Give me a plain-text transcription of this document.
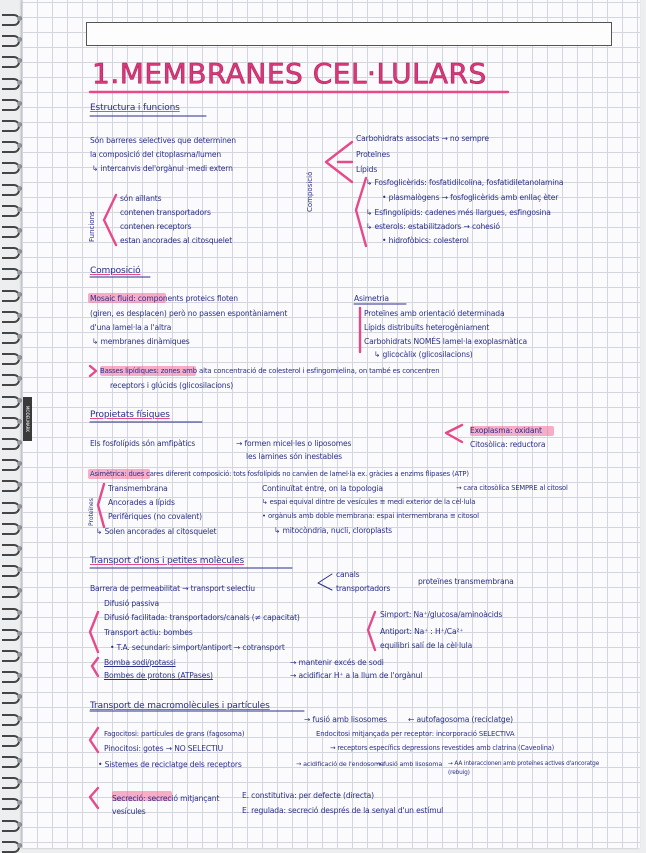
MODELMARK
1.MEMBRANES CEL·LULARS
Estructura i funcions
Són barreres selectives que determinen
la composició del citoplasma/lumen
↳ intercanvis del'orgànul -medi extern
Funcions
són aïllants
contenen transportadors
contenen receptors
estan ancorades al citosquelet
Composició
Carbohidrats associats → no sempre
Proteïnes
Lípids
↳ Fosfoglicèrids: fosfatidilcolina, fosfatidiletanolamina
• plasmalògens → fosfoglicèrids amb enllaç èter
↳ Esfingolípids: cadenes més llargues, esfingosina
↳ esterols: estabilitzadors → cohesió
• hidrofòbics: colesterol
Composició
Mosaic fluid: components proteics floten
(giren, es desplacen) però no passen espontàniament
d'una lamel·la a l'altra
↳ membranes dinàmiques
Asimetria
Proteïnes amb orientació determinada
Lípids distribuïts heterogèniament
Carbohidrats NOMÉS lamel·la exoplasmàtica
↳ glicocàlix (glicosilacions)
Basses lipídiques: zones amb alta concentració de colesterol i esfingomielina, on també es concentren
receptors i glúcids (glicosilacions)
Propietats físiques
Els fosfolípids són amfipàtics	→ formen micel·les o liposomes
les lamines són inestables
Exoplasma: oxidant
Citosòlica: reductora
Asimètrica: dues cares diferent composició: tots fosfolípids no canvien de lamel·la ex. gràcies a enzims flipases (ATP)
Proteïnes
Transmembrana
Ancorades a lípids
Perifèriques (no covalent)
↳ Solen ancorades al citosquelet
Continuïtat entre, on la topologia
↳ espai equival dintre de vesícules ≡ medi exterior de la cèl·lula
• orgànuls amb doble membrana: espai intermembrana ≡ citosol
↳ mitocòndria, nucli, cloroplasts
→ cara citosòlica SEMPRE al citosol
Transport d'ions i petites molècules
Barrera de permeabilitat → transport selectiu
canals
transportadors
proteïnes transmembrana
Difusió passiva
Difusió facilitada: transportadors/canals (≠ capacitat)
Transport actiu: bombes
• T.A. secundari: simport/antiport → cotransport
Bomba sodi/potassi
Bombes de protons (ATPases)
Simport: Na⁺/glucosa/aminoàcids
Antiport: Na⁺ : H⁺/Ca²⁺
equilibri salí de la cèl·lula
→ mantenir excés de sodi
→ acidificar H⁺ a la llum de l'orgànul
Transport de macromolècules i partícules
→ fusió amb lisosomes	← autofagosoma (reciclatge)
Fagocitosi: partícules de grans (fagosoma)
Pinocitosi: gotes → NO SELECTIU
• Sistemes de reciclatge dels receptors
Endocitosi mitjançada per receptor: incorporació SELECTIVA
→ receptors específics depressions revestides amb clatrina (Caveolina)
→ acidificació de l'endosoma
→ fusió amb lisosoma → AA interaccionen amb proteïnes actives d'ancoratge (rebuig)
Secreció: secreció mitjançant vesícules
E. constitutiva: per defecte (directa)
E. regulada: secreció després de la senyal d'un estímul
